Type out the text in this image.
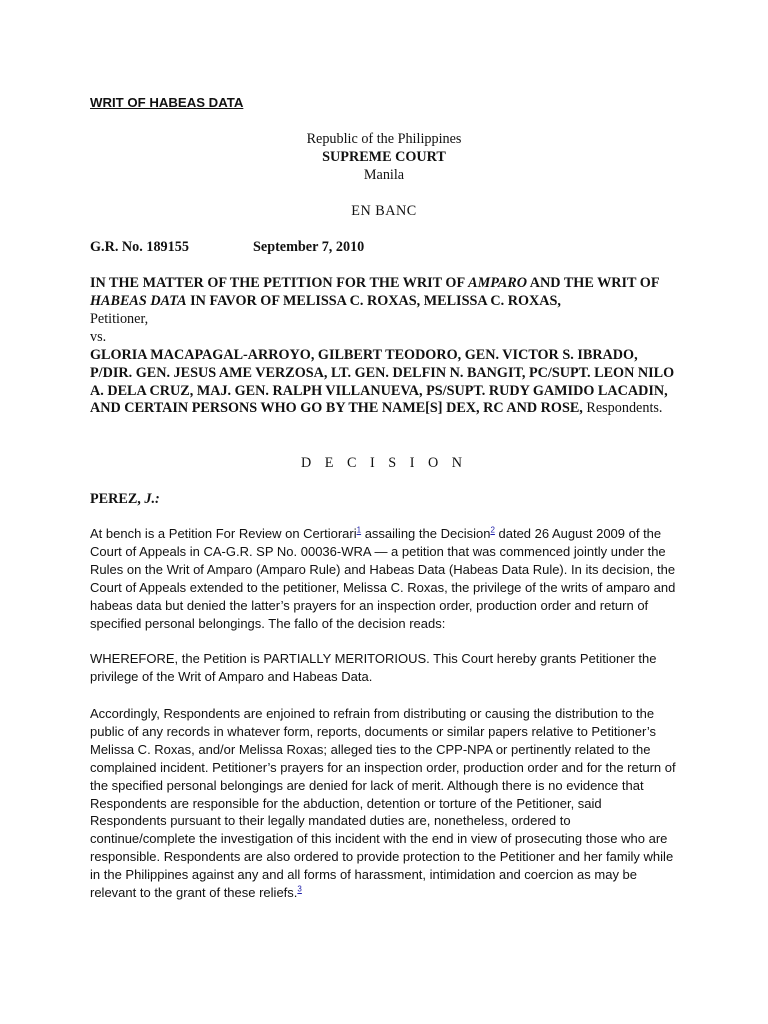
WRIT OF HABEAS DATA
Republic of the Philippines
SUPREME COURT
Manila
EN BANC
G.R. No. 189155	September 7, 2010
IN THE MATTER OF THE PETITION FOR THE WRIT OF AMPARO AND THE WRIT OF HABEAS DATA IN FAVOR OF MELISSA C. ROXAS, MELISSA C. ROXAS,
Petitioner,
vs.
GLORIA MACAPAGAL-ARROYO, GILBERT TEODORO, GEN. VICTOR S. IBRADO, P/DIR. GEN. JESUS AME VERZOSA, LT. GEN. DELFIN N. BANGIT, PC/SUPT. LEON NILO A. DELA CRUZ, MAJ. GEN. RALPH VILLANUEVA, PS/SUPT. RUDY GAMIDO LACADIN, AND CERTAIN PERSONS WHO GO BY THE NAME[S] DEX, RC AND ROSE, Respondents.
D E C I S I O N
PEREZ, J.:
At bench is a Petition For Review on Certiorari$^1$ assailing the Decision$^2$ dated 26 August 2009 of the Court of Appeals in CA-G.R. SP No. 00036-WRA — a petition that was commenced jointly under the Rules on the Writ of Amparo (Amparo Rule) and Habeas Data (Habeas Data Rule). In its decision, the Court of Appeals extended to the petitioner, Melissa C. Roxas, the privilege of the writs of amparo and habeas data but denied the latter’s prayers for an inspection order, production order and return of specified personal belongings. The fallo of the decision reads:
WHEREFORE, the Petition is PARTIALLY MERITORIOUS. This Court hereby grants Petitioner the privilege of the Writ of Amparo and Habeas Data.
Accordingly, Respondents are enjoined to refrain from distributing or causing the distribution to the public of any records in whatever form, reports, documents or similar papers relative to Petitioner’s Melissa C. Roxas, and/or Melissa Roxas; alleged ties to the CPP-NPA or pertinently related to the complained incident. Petitioner’s prayers for an inspection order, production order and for the return of the specified personal belongings are denied for lack of merit. Although there is no evidence that Respondents are responsible for the abduction, detention or torture of the Petitioner, said Respondents pursuant to their legally mandated duties are, nonetheless, ordered to continue/complete the investigation of this incident with the end in view of prosecuting those who are responsible. Respondents are also ordered to provide protection to the Petitioner and her family while in the Philippines against any and all forms of harassment, intimidation and coercion as may be relevant to the grant of these reliefs.$^3$
